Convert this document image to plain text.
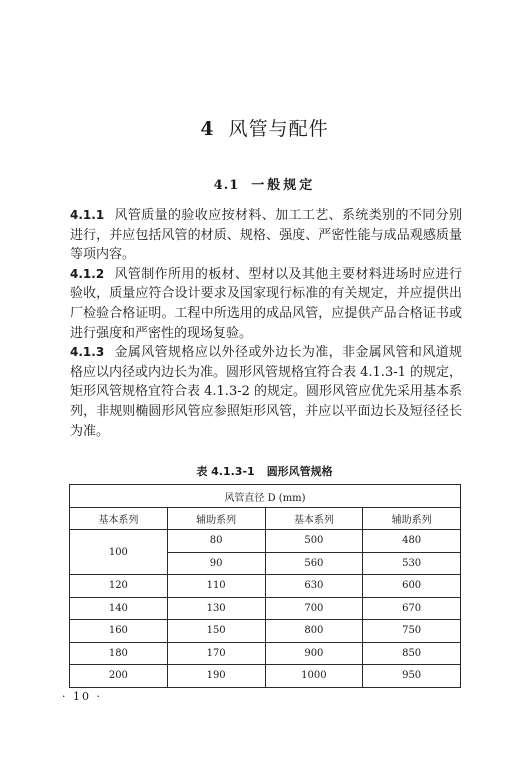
4 风管与配件
4.1 一般规定

4.1.1 风管质量的验收应按材料、加工工艺、系统类别的不同分别进行，并应包括风管的材质、规格、强度、严密性能与成品观感质量等项内容。

4.1.2 风管制作所用的板材、型材以及其他主要材料进场时应进行验收，质量应符合设计要求及国家现行标准的有关规定，并应提供出厂检验合格证明。工程中所选用的成品风管，应提供产品合格证书或进行强度和严密性的现场复验。

4.1.3 金属风管规格应以外径或外边长为准，非金属风管和风道规格应以内径或内边长为准。圆形风管规格宜符合表 4.1.3-1 的规定，矩形风管规格宜符合表 4.1.3-2 的规定。圆形风管应优先采用基本系列，非规则椭圆形风管应参照矩形风管，并应以平面边长及短径径长为准。

表 4.1.3-1 圆形风管规格
风管直径 D (mm)			
基本系列	辅助系列	基本系列	辅助系列
100	80	500	480
	90	560	530
120	110	630	600
140	130	700	670
160	150	800	750
180	170	900	850
200	190	1000	950
· 10 ·
